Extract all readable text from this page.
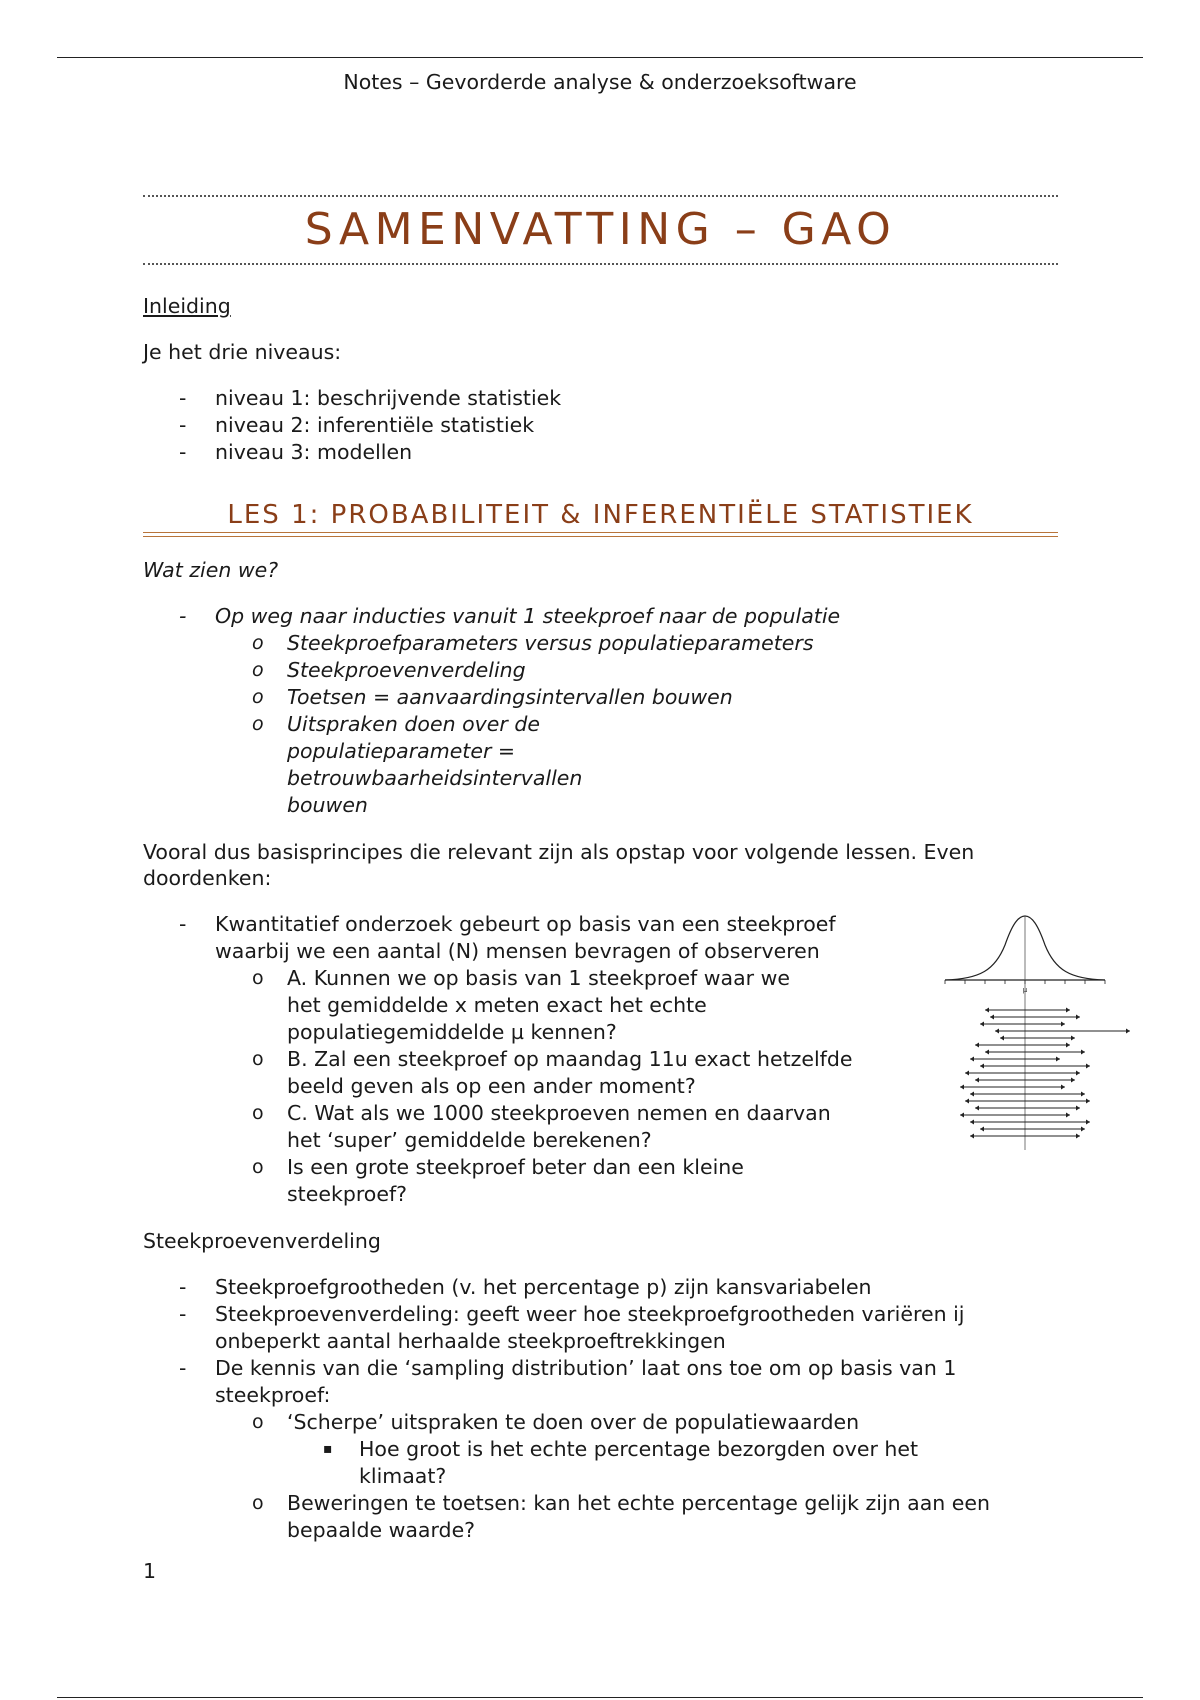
Notes – Gevorderde analyse & onderzoeksoftware
SAMENVATTING – GAO

Inleiding

Je het drie niveaus:

- niveau 1: beschrijvende statistiek
- niveau 2: inferentiële statistiek
- niveau 3: modellen
LES 1: PROBABILITEIT & INFERENTIËLE STATISTIEK

Wat zien we?

- Op weg naar inducties vanuit 1 steekproef naar de populatie
o Steekproefparameters versus populatieparameters
o Steekproevenverdeling
o Toetsen = aanvaardingsintervallen bouwen
o Uitspraken doen over de populatieparameter = betrouwbaarheidsintervallen bouwen

Vooral dus basisprincipes die relevant zijn als opstap voor volgende lessen. Even doordenken:

- Kwantitatief onderzoek gebeurt op basis van een steekproef waarbij we een aantal (N) mensen bevragen of observeren
o A. Kunnen we op basis van 1 steekproef waar we het gemiddelde x meten exact het echte populatiegemiddelde µ kennen?
o B. Zal een steekproef op maandag 11u exact hetzelfde beeld geven als op een ander moment?
o C. Wat als we 1000 steekproeven nemen en daarvan het ‘super’ gemiddelde berekenen?
o Is een grote steekproef beter dan een kleine steekproef?

Steekproevenverdeling

- Steekproefgrootheden (v. het percentage p) zijn kansvariabelen
- Steekproevenverdeling: geeft weer hoe steekproefgrootheden variëren ij onbeperkt aantal herhaalde steekproeftrekkingen
- De kennis van die ‘sampling distribution’ laat ons toe om op basis van 1 steekproef:
o ‘Scherpe’ uitspraken te doen over de populatiewaarden
▪ Hoe groot is het echte percentage bezorgden over het klimaat?
o Beweringen te toetsen: kan het echte percentage gelijk zijn aan een bepaalde waarde?

1

µ
